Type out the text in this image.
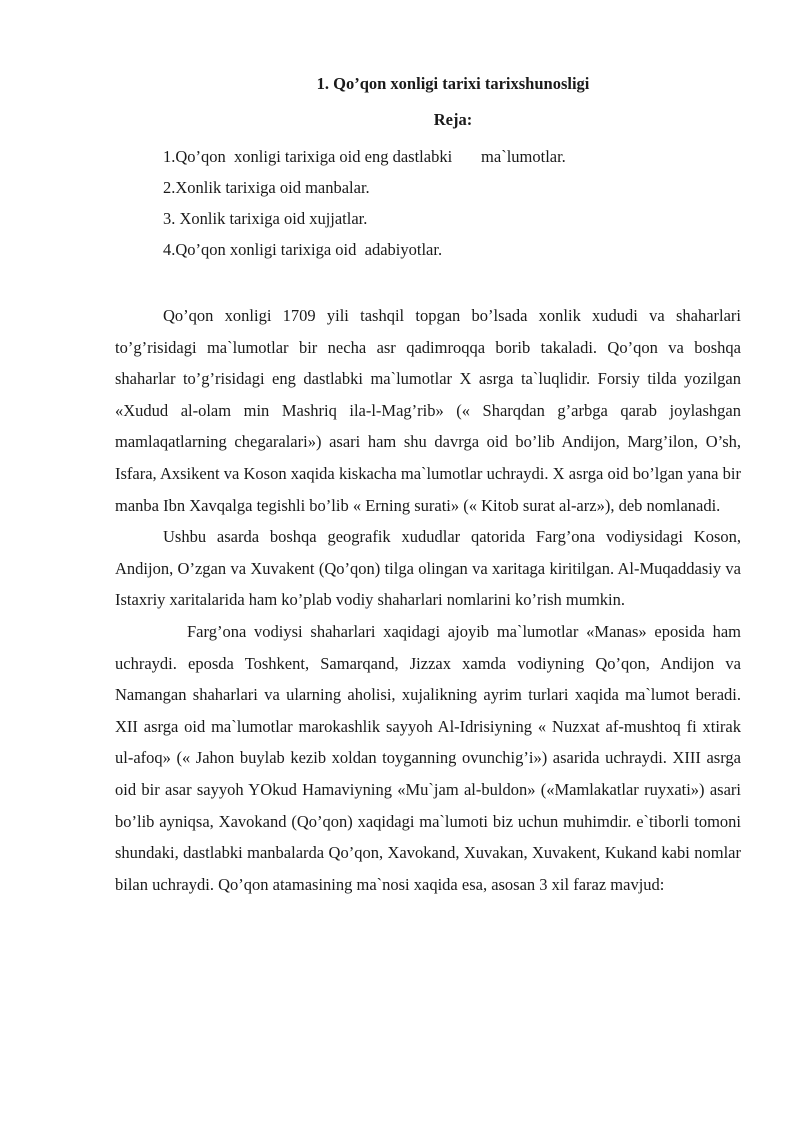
1. Qo’qon xonligi tarixi tarixshunosligi
Reja:
1.Qo’qon  xonligi tarixiga oid eng dastlabki       ma`lumotlar.
2.Xonlik tarixiga oid manbalar.
3. Xonlik tarixiga oid xujjatlar.
4.Qo’qon xonligi tarixiga oid  adabiyotlar.

Qo’qon xonligi 1709 yili tashqil topgan bo’lsada xonlik xududi va shaharlari to’g’risidagi ma`lumotlar bir necha asr qadimroqqa borib takaladi. Qo’qon va boshqa shaharlar to’g’risidagi eng dastlabki ma`lumotlar X asrga ta`luqlidir. Forsiy tilda yozilgan «Xudud al-olam min Mashriq ila-l-Mag’rib» (« Sharqdan g’arbga qarab joylashgan mamlaqatlarning chegaralari») asari ham shu davrga oid bo’lib Andijon, Marg’ilon, O’sh, Isfara, Axsikent va Koson xaqida kiskacha ma`lumotlar uchraydi. X asrga oid bo’lgan yana bir manba Ibn Xavqalga tegishli bo’lib « Erning surati» (« Kitob surat al-arz»), deb nomlanadi.

Ushbu asarda boshqa geografik xududlar qatorida Farg’ona vodiysidagi Koson, Andijon, O’zgan va Xuvakent (Qo’qon) tilga olingan va xaritaga kiritilgan. Al-Muqaddasiy va Istaxriy xaritalarida ham ko’plab vodiy shaharlari nomlarini ko’rish mumkin.

Farg’ona vodiysi shaharlari xaqidagi ajoyib ma`lumotlar «Manas» eposida ham uchraydi. eposda Toshkent, Samarqand, Jizzax xamda vodiyning Qo’qon, Andijon va Namangan shaharlari va ularning aholisi, xujalikning ayrim turlari xaqida ma`lumot beradi. XII asrga oid ma`lumotlar marokashlik sayyoh Al-Idrisiyning « Nuzxat af-mushtoq fi xtirak ul-afoq» (« Jahon buylab kezib xoldan toyganning ovunchig’i») asarida uchraydi. XIII asrga oid bir asar sayyoh YOkud Hamaviyning «Mu`jam al-buldon» («Mamlakatlar ruyxati») asari bo’lib ayniqsa, Xavokand (Qo’qon) xaqidagi ma`lumoti biz uchun muhimdir. e`tiborli tomoni shundaki, dastlabki manbalarda Qo’qon, Xavokand, Xuvakan, Xuvakent, Kukand kabi nomlar bilan uchraydi. Qo’qon atamasining ma`nosi xaqida esa, asosan 3 xil faraz mavjud:
